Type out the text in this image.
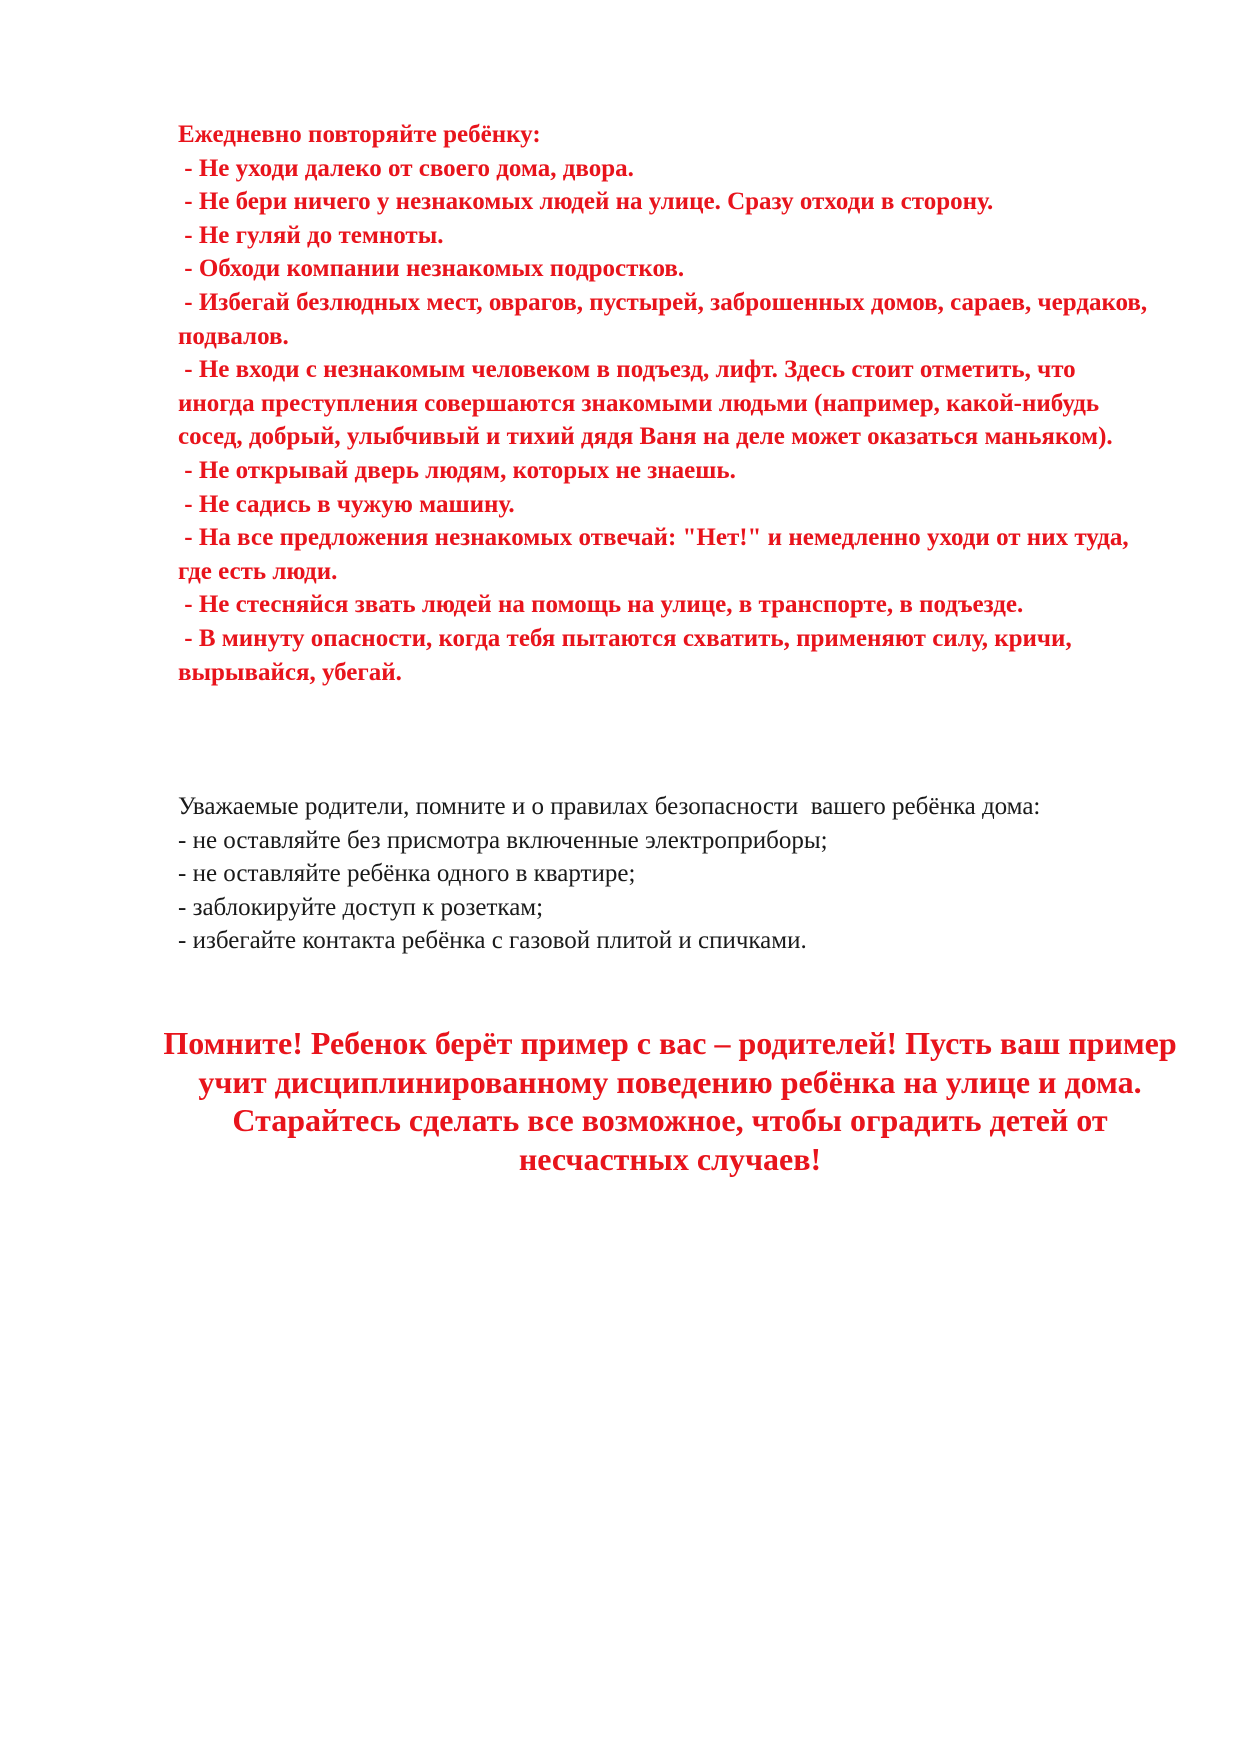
Ежедневно повторяйте ребёнку:

- Не уходи далеко от своего дома, двора.

- Не бери ничего у незнакомых людей на улице. Сразу отходи в сторону.

- Не гуляй до темноты.

- Обходи компании незнакомых подростков.

- Избегай безлюдных мест, оврагов, пустырей, заброшенных домов, сараев, чердаков, подвалов.

- Не входи с незнакомым человеком в подъезд, лифт. Здесь стоит отметить, что иногда преступления совершаются знакомыми людьми (например, какой-нибудь сосед, добрый, улыбчивый и тихий дядя Ваня на деле может оказаться маньяком).

- Не открывай дверь людям, которых не знаешь.

- Не садись в чужую машину.

- На все предложения незнакомых отвечай: "Нет!" и немедленно уходи от них туда, где есть люди.

- Не стесняйся звать людей на помощь на улице, в транспорте, в подъезде.

- В минуту опасности, когда тебя пытаются схватить, применяют силу, кричи, вырывайся, убегай.

Уважаемые родители, помните и о правилах безопасности  вашего ребёнка дома:

- не оставляйте без присмотра включенные электроприборы;

- не оставляйте ребёнка одного в квартире;

- заблокируйте доступ к розеткам;

- избегайте контакта ребёнка с газовой плитой и спичками.

Помните! Ребенок берёт пример с вас – родителей! Пусть ваш пример учит дисциплинированному поведению ребёнка на улице и дома.

Старайтесь сделать все возможное, чтобы оградить детей от несчастных случаев!
